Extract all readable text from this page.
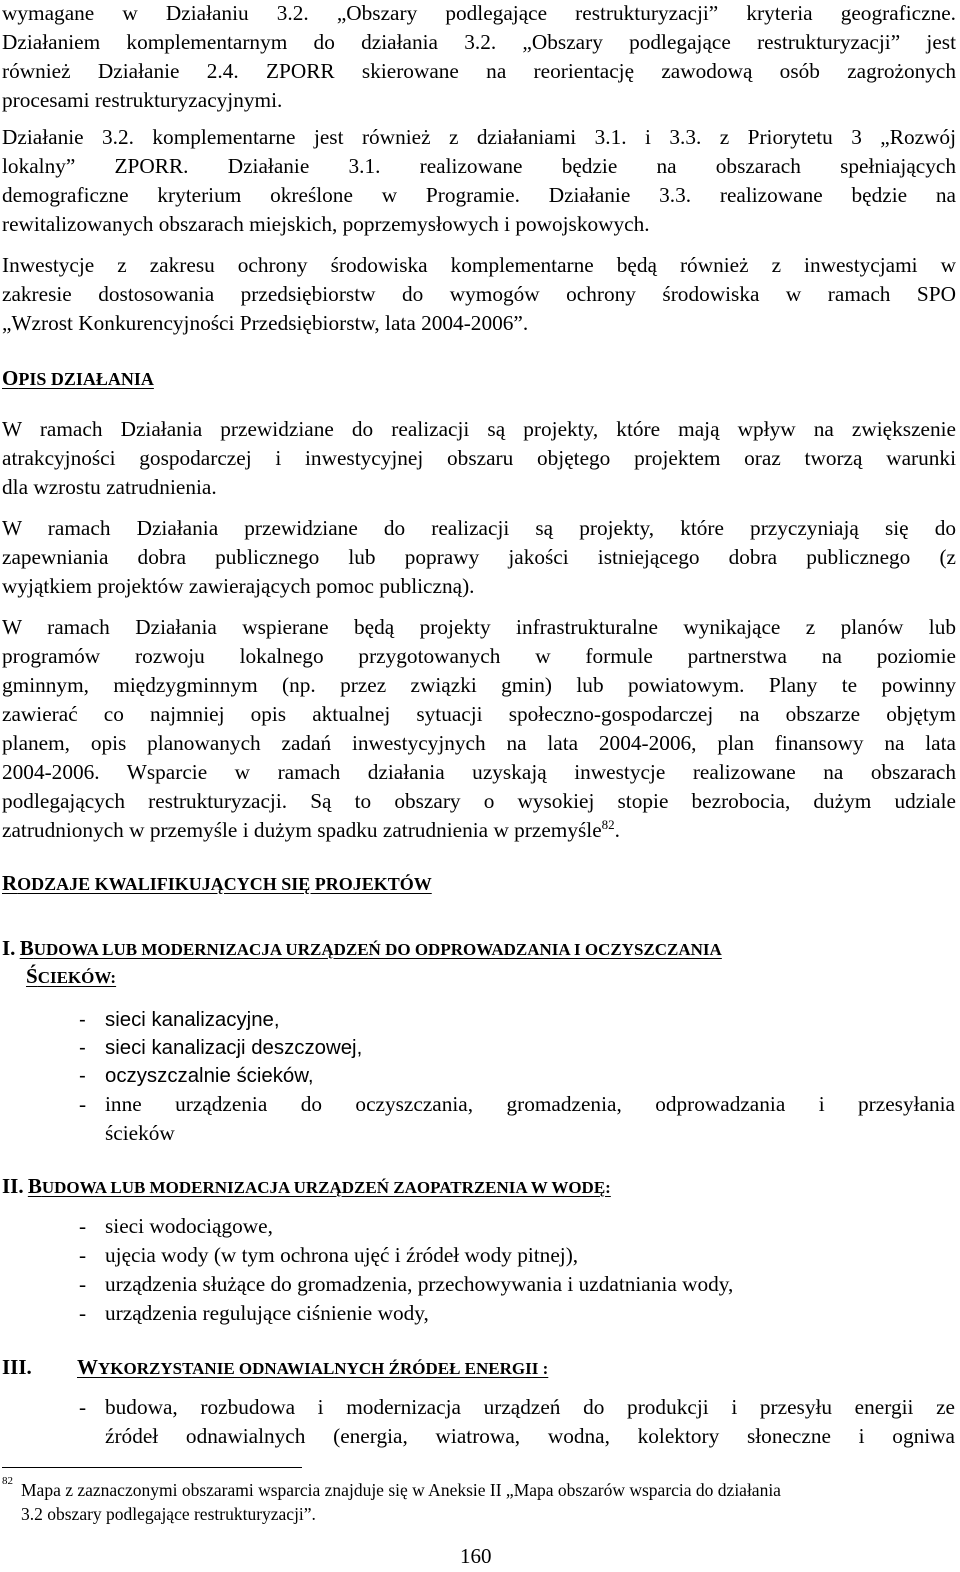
wymagane w Działaniu 3.2. „Obszary podlegające restrukturyzacji” kryteria geograficzne.
Działaniem komplementarnym do działania 3.2. „Obszary podlegające restrukturyzacji” jest
również Działanie 2.4. ZPORR skierowane na reorientację zawodową osób zagrożonych
procesami restrukturyzacyjnymi.
Działanie 3.2. komplementarne jest również z działaniami 3.1. i 3.3. z Priorytetu 3 „Rozwój
lokalny” ZPORR. Działanie 3.1. realizowane będzie na obszarach spełniających
demograficzne kryterium określone w Programie. Działanie 3.3. realizowane będzie na
rewitalizowanych obszarach miejskich, poprzemysłowych i powojskowych.
Inwestycje z zakresu ochrony środowiska komplementarne będą również z inwestycjami w
zakresie dostosowania przedsiębiorstw do wymogów ochrony środowiska w ramach SPO
„Wzrost Konkurencyjności Przedsiębiorstw, lata 2004-2006”.
W ramach Działania przewidziane do realizacji są projekty, które mają wpływ na zwiększenie
atrakcyjności gospodarczej i inwestycyjnej obszaru objętego projektem oraz tworzą warunki
dla wzrostu zatrudnienia.
W ramach Działania przewidziane do realizacji są projekty, które przyczyniają się do
zapewniania dobra publicznego lub poprawy jakości istniejącego dobra publicznego (z
wyjątkiem projektów zawierających pomoc publiczną).
W ramach Działania wspierane będą projekty infrastrukturalne wynikające z planów lub
programów rozwoju lokalnego przygotowanych w formule partnerstwa na poziomie
gminnym, międzygminnym (np. przez związki gmin) lub powiatowym. Plany te powinny
zawierać co najmniej opis aktualnej sytuacji społeczno-gospodarczej na obszarze objętym
planem, opis planowanych zadań inwestycyjnych na lata 2004-2006, plan finansowy na lata
2004-2006. Wsparcie w ramach działania uzyskają inwestycje realizowane na obszarach
podlegających restrukturyzacji. Są to obszary o wysokiej stopie bezrobocia, dużym udziale
zatrudnionych w przemyśle i dużym spadku zatrudnienia w przemyśle$^{82}$.
OPIS DZIAŁANIA
RODZAJE KWALIFIKUJĄCYCH SIĘ PROJEKTÓW
I. BUDOWA LUB MODERNIZACJA URZĄDZEŃ DO ODPROWADZANIA I OCZYSZCZANIA
ŚCIEKÓW:
- sieci kanalizacyjne,
- sieci kanalizacji deszczowej,
- oczyszczalnie ścieków,
- inne urządzenia do oczyszczania, gromadzenia, odprowadzania i przesyłania
ścieków
II. BUDOWA LUB MODERNIZACJA URZĄDZEŃ ZAOPATRZENIA W WODĘ:
- sieci wodociągowe,
- ujęcia wody (w tym ochrona ujęć i źródeł wody pitnej),
- urządzenia służące do gromadzenia, przechowywania i uzdatniania wody,
- urządzenia regulujące ciśnienie wody,
III. WYKORZYSTANIE ODNAWIALNYCH ŹRÓDEŁ ENERGII :
- budowa, rozbudowa i modernizacja urządzeń do produkcji i przesyłu energii ze
źródeł odnawialnych (energia, wiatrowa, wodna, kolektory słoneczne i ogniwa
82 Mapa z zaznaczonymi obszarami wsparcia znajduje się w Aneksie II „Mapa obszarów wsparcia do działania
3.2 obszary podlegające restrukturyzacji”.
160
